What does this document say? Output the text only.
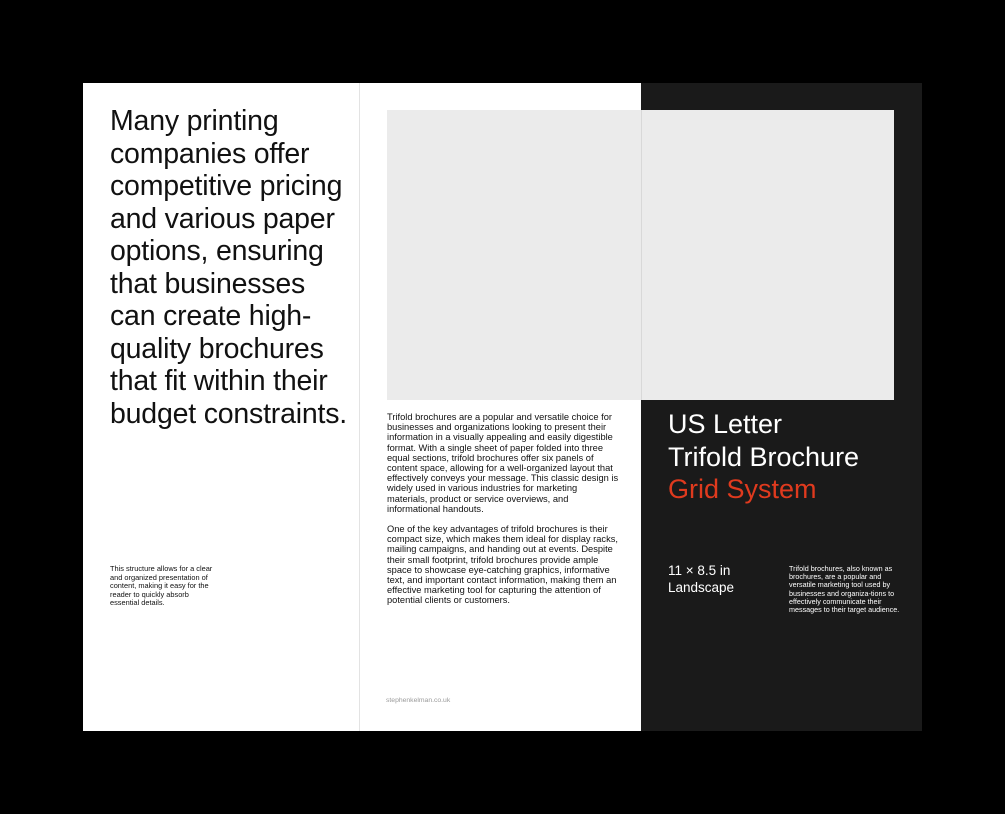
Many printing companies offer competitive pricing and various paper options, ensuring that businesses can create high-quality brochures that fit within their budget constraints.

This structure allows for a clear and organized presentation of content, making it easy for the reader to quickly absorb essential details.

Trifold brochures are a popular and versatile choice for businesses and organizations looking to present their information in a visually appealing and easily digestible format. With a single sheet of paper folded into three equal sections, trifold brochures offer six panels of content space, allowing for a well-organized layout that effectively conveys your message. This classic design is widely used in various industries for marketing materials, product or service overviews, and informational handouts.

One of the key advantages of trifold brochures is their compact size, which makes them ideal for display racks, mailing campaigns, and handing out at events. Despite their small footprint, trifold brochures provide ample space to showcase eye-catching graphics, informative text, and important contact information, making them an effective marketing tool for capturing the attention of potential clients or customers.

stephenkelman.co.uk

US Letter
Trifold Brochure
Grid System

11 × 8.5 in
Landscape

Trifold brochures, also known as brochures, are a popular and versatile marketing tool used by businesses and organiza-tions to effectively communicate their messages to their target audience.
